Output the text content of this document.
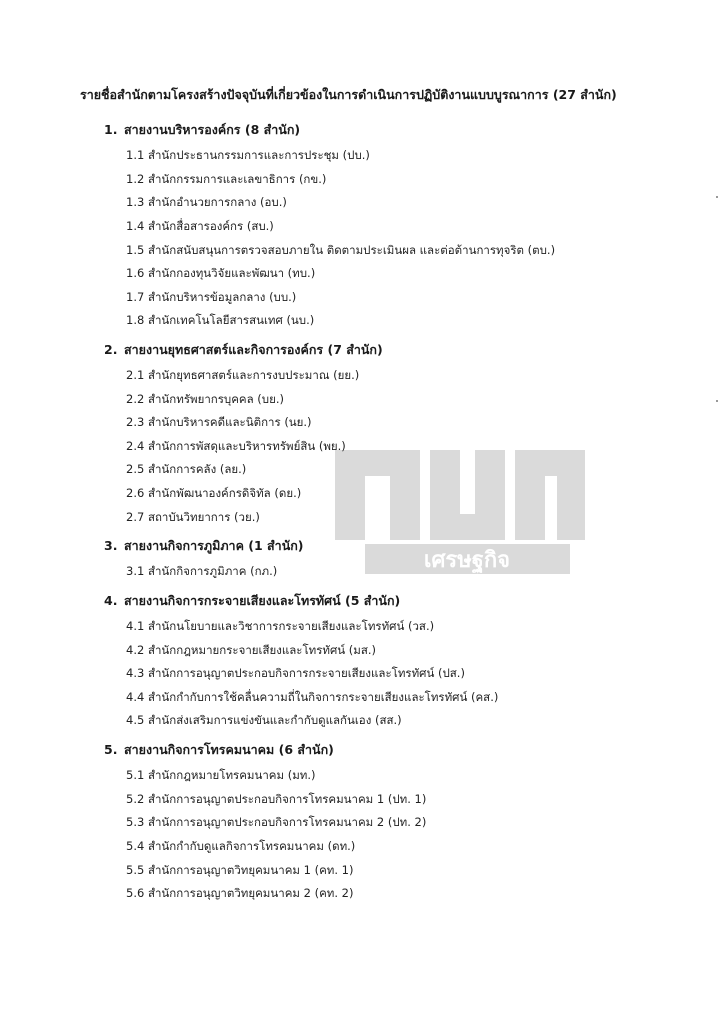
รายชื่อสำนักตามโครงสร้างปัจจุบันที่เกี่ยวข้องในการดำเนินการปฏิบัติงานแบบบูรณาการ (27 สำนัก)
เศรษฐกิจ
1. สายงานบริหารองค์กร (8 สำนัก)
1.1 สำนักประธานกรรมการและการประชุม (ปบ.)
1.2 สำนักกรรมการและเลขาธิการ (กข.)
1.3 สำนักอำนวยการกลาง (อบ.)
1.4 สำนักสื่อสารองค์กร (สบ.)
1.5 สำนักสนับสนุนการตรวจสอบภายใน ติดตามประเมินผล และต่อต้านการทุจริต (ตบ.)
1.6 สำนักกองทุนวิจัยและพัฒนา (ทบ.)
1.7 สำนักบริหารข้อมูลกลาง (บบ.)
1.8 สำนักเทคโนโลยีสารสนเทศ (นบ.)
2. สายงานยุทธศาสตร์และกิจการองค์กร (7 สำนัก)
2.1 สำนักยุทธศาสตร์และการงบประมาณ (ยย.)
2.2 สำนักทรัพยากรบุคคล (บย.)
2.3 สำนักบริหารคดีและนิติการ (นย.)
2.4 สำนักการพัสดุและบริหารทรัพย์สิน (พย.)
2.5 สำนักการคลัง (ลย.)
2.6 สำนักพัฒนาองค์กรดิจิทัล (ดย.)
2.7 สถาบันวิทยาการ (วย.)
3. สายงานกิจการภูมิภาค (1 สำนัก)
3.1 สำนักกิจการภูมิภาค (กภ.)
4. สายงานกิจการกระจายเสียงและโทรทัศน์ (5 สำนัก)
4.1 สำนักนโยบายและวิชาการกระจายเสียงและโทรทัศน์ (วส.)
4.2 สำนักกฎหมายกระจายเสียงและโทรทัศน์ (มส.)
4.3 สำนักการอนุญาตประกอบกิจการกระจายเสียงและโทรทัศน์ (ปส.)
4.4 สำนักกำกับการใช้คลื่นความถี่ในกิจการกระจายเสียงและโทรทัศน์ (คส.)
4.5 สำนักส่งเสริมการแข่งขันและกำกับดูแลกันเอง (สส.)
5. สายงานกิจการโทรคมนาคม (6 สำนัก)
5.1 สำนักกฎหมายโทรคมนาคม (มท.)
5.2 สำนักการอนุญาตประกอบกิจการโทรคมนาคม 1 (ปท. 1)
5.3 สำนักการอนุญาตประกอบกิจการโทรคมนาคม 2 (ปท. 2)
5.4 สำนักกำกับดูแลกิจการโทรคมนาคม (ดท.)
5.5 สำนักการอนุญาตวิทยุคมนาคม 1 (คท. 1)
5.6 สำนักการอนุญาตวิทยุคมนาคม 2 (คท. 2)
